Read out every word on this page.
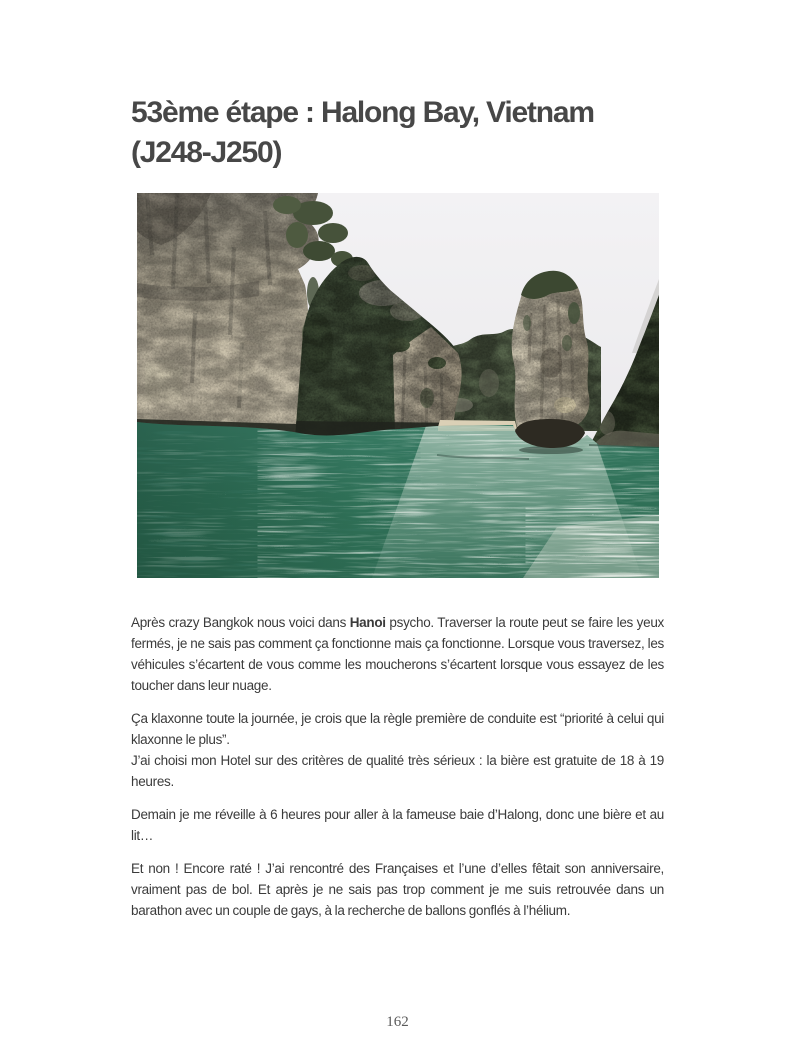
53ème étape : Halong Bay, Vietnam (J248-J250)

Après crazy Bangkok nous voici dans Hanoi psycho. Traverser la route peut se faire les yeux fermés, je ne sais pas comment ça fonctionne mais ça fonctionne. Lorsque vous traversez, les véhicules s’écartent de vous comme les moucherons s’écartent lorsque vous essayez de les toucher dans leur nuage.

Ça klaxonne toute la journée, je crois que la règle première de conduite est “priorité à celui qui klaxonne le plus”.
J’ai choisi mon Hotel sur des critères de qualité très sérieux : la bière est gratuite de 18 à 19 heures.

Demain je me réveille à 6 heures pour aller à la fameuse baie d’Halong, donc une bière et au lit…

Et non ! Encore raté ! J’ai rencontré des Françaises et l’une d’elles fêtait son anniversaire, vraiment pas de bol. Et après je ne sais pas trop comment je me suis retrouvée dans un barathon avec un couple de gays, à la recherche de ballons gonflés à l’hélium.

162
